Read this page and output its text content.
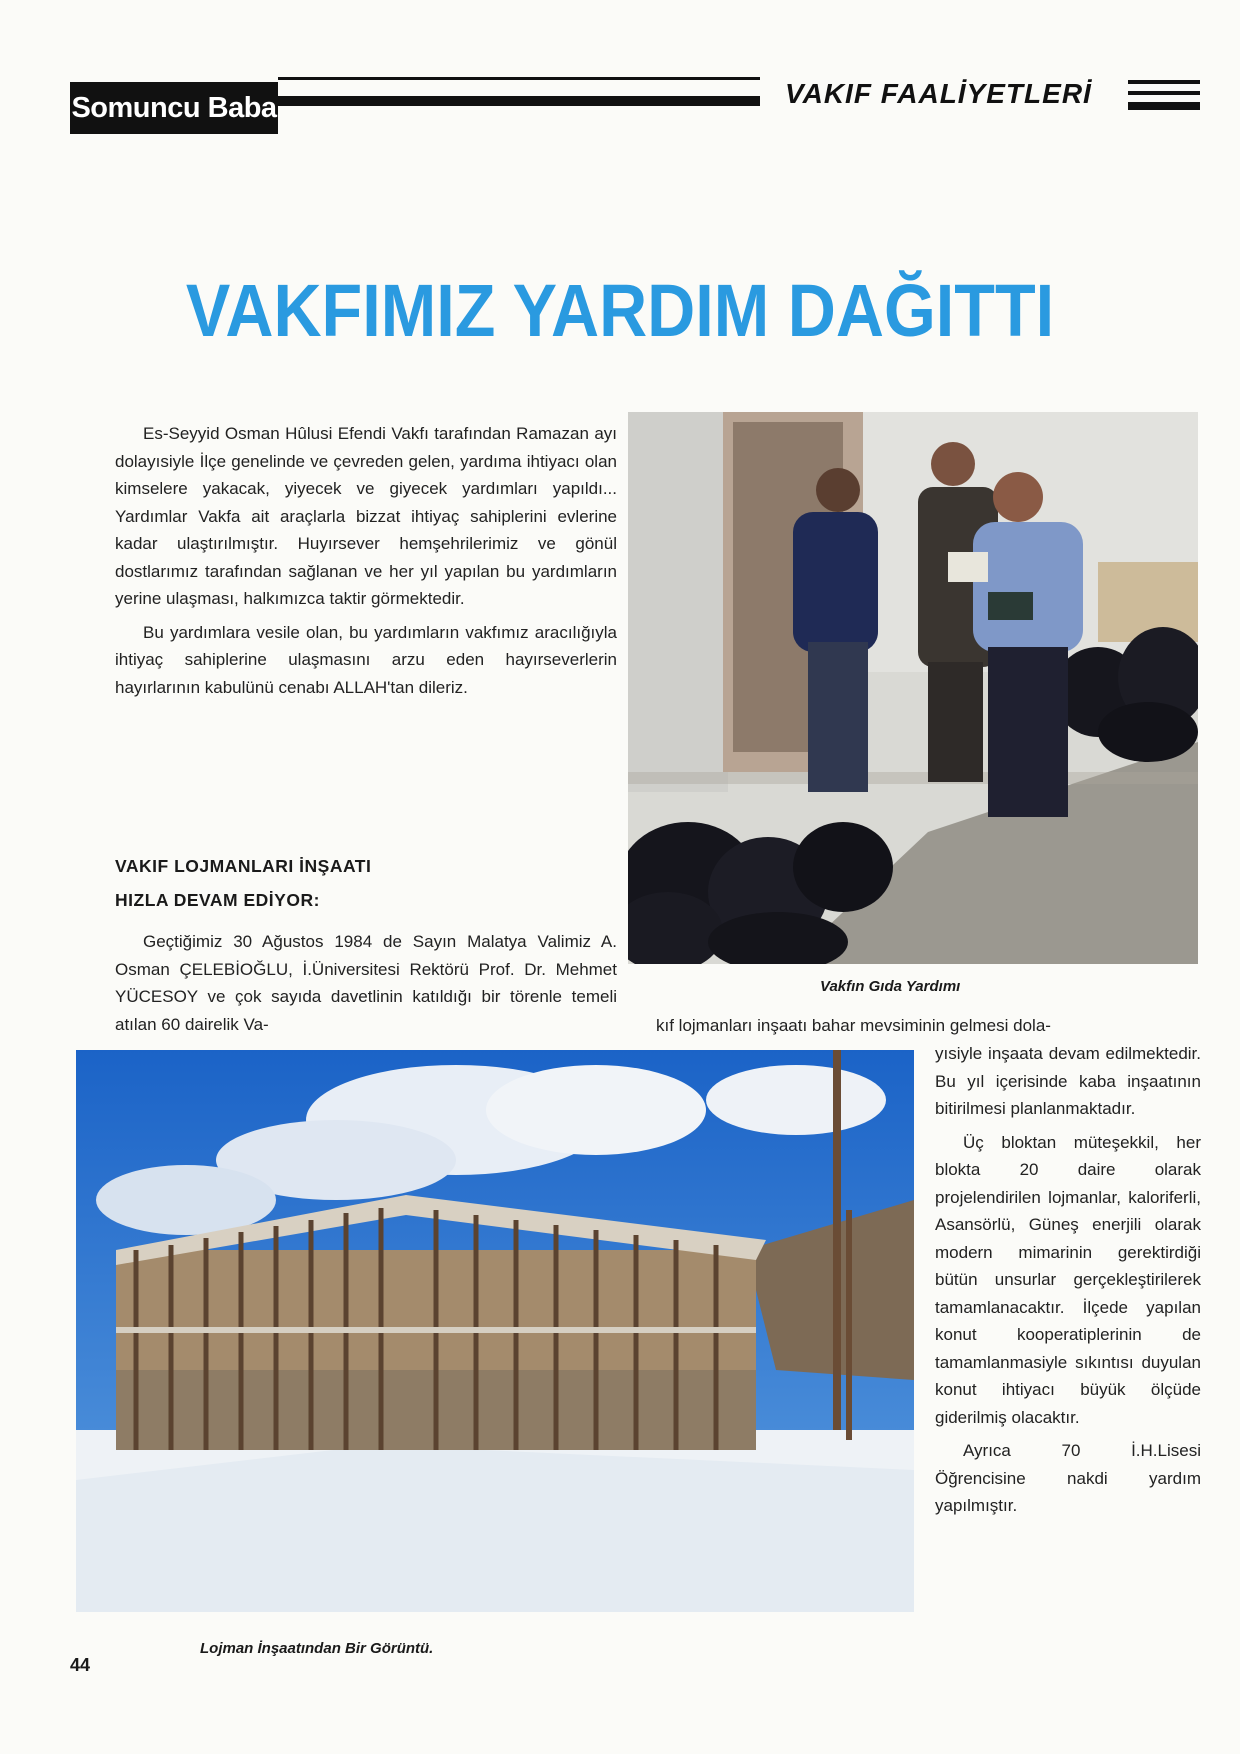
Somuncu Baba	VAKIF FAALİYETLERİ
VAKFIMIZ YARDIM DAĞITTI

Es-Seyyid Osman Hûlusi Efendi Vakfı tarafından Ramazan ayı dolayısiyle İlçe genelinde ve çevreden gelen, yardıma ihtiyacı olan kimselere yakacak, yiyecek ve giyecek yardımları yapıldı... Yardımlar Vakfa ait araçlarla bizzat ihtiyaç sahiplerini evlerine kadar ulaştırılmıştır. Huyırsever hemşehrilerimiz ve gönül dostlarımız tarafından sağlanan ve her yıl yapılan bu yardımların yerine ulaşması, halkımızca taktir görmektedir.

Bu yardımlara vesile olan, bu yardımların vakfımız aracılığıyla ihtiyaç sahiplerine ulaşmasını arzu eden hayırseverlerin hayırlarının kabulünü cenabı ALLAH'tan dileriz.

VAKIF LOJMANLARI İNŞAATI
HIZLA DEVAM EDİYOR:

Geçtiğimiz 30 Ağustos 1984 de Sayın Malatya Valimiz A. Osman ÇELEBİOĞLU, İ.Üniversitesi Rektörü Prof. Dr. Mehmet YÜCESOY ve çok sayıda davetlinin katıldığı bir törenle temeli atılan 60 dairelik Va-

Vakfın Gıda Yardımı
kıf lojmanları inşaatı bahar mevsiminin gelmesi dola-

yısiyle inşaata devam edilmektedir. Bu yıl içerisinde kaba inşaatının bitirilmesi planlanmaktadır.

Üç bloktan müteşekkil, her blokta 20 daire olarak projelendirilen lojmanlar, kaloriferli, Asansörlü, Güneş enerjili olarak modern mimarinin gerektirdiği bütün unsurlar gerçekleştirilerek tamamlanacaktır. İlçede yapılan konut kooperatiplerinin de tamamlanmasiyle sıkıntısı duyulan konut ihtiyacı büyük ölçüde giderilmiş olacaktır.

Ayrıca 70 İ.H.Lisesi Öğrencisine nakdi yardım yapılmıştır.

Lojman İnşaatından Bir Görüntü.
44
